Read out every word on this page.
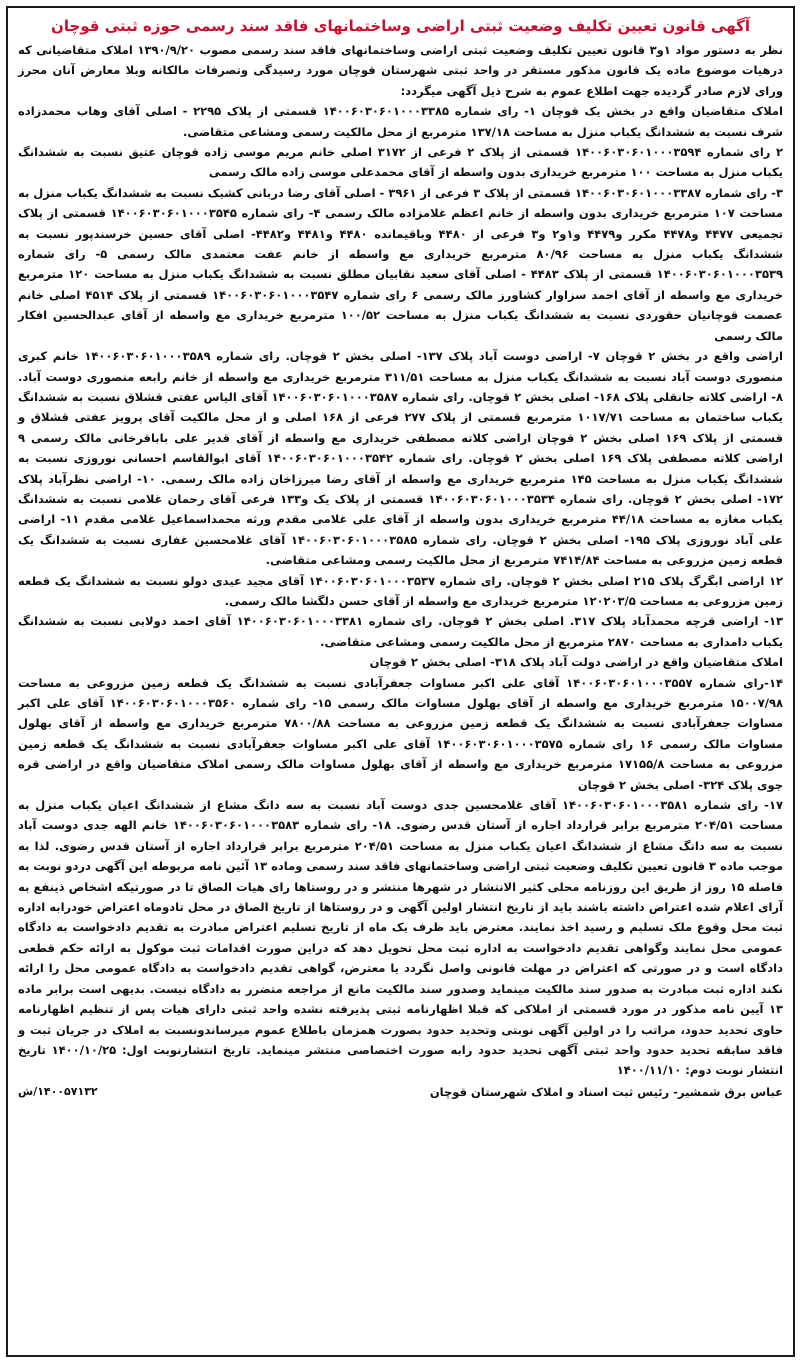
آگهی قانون تعیین تکلیف وضعیت ثبتی اراضی وساختمانهای فاقد سند رسمی حوزه ثبتی قوچان

نظر به دستور مواد ۱و۳ قانون تعیین تکلیف وضعیت ثبتی اراضی وساختمانهای فاقد سند رسمی مصوب ۱۳۹۰/۹/۲۰ املاک متقاضیانی که درهیات موضوع ماده یک قانون مذکور مستقر در واحد ثبتی شهرستان قوچان مورد رسیدگی وتصرفات مالکانه وبلا معارض آنان محرز ورای لازم صادر گردیده جهت اطلاع عموم به شرح ذیل آگهی میگردد:

املاک متقاضیان واقع در بخش یک قوچان ۱- رای شماره ۱۴۰۰۶۰۳۰۶۰۱۰۰۰۳۳۸۵ قسمتی از پلاک ۲۲۹۵ - اصلی آقای وهاب محمدزاده شرف نسبت به ششدانگ یکباب منزل به مساحت ۱۳۷/۱۸ مترمربع از محل مالکیت رسمی ومشاعی متقاضی.

۲ رای شماره ۱۴۰۰۶۰۳۰۶۰۱۰۰۰۳۵۹۴ قسمتی از پلاک ۲ فرعی از ۳۱۷۲ اصلی خانم مریم موسی زاده قوچان عتیق نسبت به ششدانگ یکباب منزل به مساحت ۱۰۰ مترمربع خریداری بدون واسطه از آقای محمدعلی موسی زاده مالک رسمی

۳- رای شماره ۱۴۰۰۶۰۳۰۶۰۱۰۰۰۳۳۸۷ قسمتی از پلاک ۳ فرعی از ۳۹۶۱ - اصلی آقای رضا دربانی کشیک نسبت به ششدانگ یکباب منزل به مساحت ۱۰۷ مترمربع خریداری بدون واسطه از خانم اعظم غلامزاده مالک رسمی ۴- رای شماره ۱۴۰۰۶۰۳۰۶۰۱۰۰۰۳۵۴۵ قسمتی از پلاک تجمیعی ۴۴۷۷ و۴۴۷۸ مکرر و۴۴۷۹ و۱و۲ و۳ فرعی از ۴۴۸۰ وباقیمانده ۴۴۸۰ و۴۴۸۱ و۴۴۸۲- اصلی آقای حسین خرسندپور نسبت به ششدانگ یکباب منزل به مساحت ۸۰/۹۶ مترمربع خریداری مع واسطه از خانم عفت معتمدی مالک رسمی ۵- رای شماره ۱۴۰۰۶۰۳۰۶۰۱۰۰۰۳۵۳۹ قسمتی از پلاک ۴۴۸۳ - اصلی آقای سعید نقابیان مطلق نسبت به ششدانگ یکباب منزل به مساحت ۱۲۰ مترمربع خریداری مع واسطه از آقای احمد سزاوار کشاورز مالک رسمی ۶ رای شماره ۱۴۰۰۶۰۳۰۶۰۱۰۰۰۳۵۴۷ قسمتی از پلاک ۴۵۱۴ اصلی خانم عصمت قوچانیان حقوردی نسبت به ششدانگ یکباب منزل به مساحت ۱۰۰/۵۲ مترمربع خریداری مع واسطه از آقای عبدالحسین افکار مالک رسمی

اراضی واقع در بخش ۲ قوچان ۷- اراضی دوست آباد پلاک ۱۳۷- اصلی بخش ۲ قوچان. رای شماره ۱۴۰۰۶۰۳۰۶۰۱۰۰۰۳۵۸۹ خانم کبری منصوری دوست آباد نسبت به ششدانگ یکباب منزل به مساحت ۳۱۱/۵۱ مترمربع خریداری مع واسطه از خانم رابعه منصوری دوست آباد. ۸- اراضی کلاته جانقلی پلاک ۱۶۸- اصلی بخش ۲ قوچان. رای شماره ۱۴۰۰۶۰۳۰۶۰۱۰۰۰۳۵۸۷ آقای الیاس عفتی قشلاق نسبت به ششدانگ یکباب ساختمان به مساحت ۱۰۱۷/۷۱ مترمربع قسمتی از پلاک ۲۷۷ فرعی از ۱۶۸ اصلی و از محل مالکیت آقای پرویز عفتی قشلاق و قسمتی از پلاک ۱۶۹ اصلی بخش ۲ قوچان اراضی کلاته مصطفی خریداری مع واسطه از آقای قدیر علی باباقرخانی مالک رسمی ۹ اراضی کلاته مصطفی پلاک ۱۶۹ اصلی بخش ۲ قوچان. رای شماره ۱۴۰۰۶۰۳۰۶۰۱۰۰۰۳۵۴۲ آقای ابوالقاسم احسانی نوروزی نسبت به ششدانگ یکباب منزل به مساحت ۱۴۵ مترمربع خریداری مع واسطه از آقای رضا میرزاخان زاده مالک رسمی. ۱۰- اراضی نظرآباد پلاک ۱۷۲- اصلی بخش ۲ قوچان. رای شماره ۱۴۰۰۶۰۳۰۶۰۱۰۰۰۳۵۳۴ قسمتی از پلاک یک و۱۳۳ فرعی آقای رحمان غلامی نسبت به ششدانگ یکباب مغازه به مساحت ۴۴/۱۸ مترمربع خریداری بدون واسطه از آقای علی غلامی مقدم ورثه محمداسماعیل غلامی مقدم ۱۱- اراضی علی آباد نوروزی پلاک ۱۹۵- اصلی بخش ۲ قوچان. رای شماره ۱۴۰۰۶۰۳۰۶۰۱۰۰۰۳۵۸۵ آقای غلامحسین غفاری نسبت به ششدانگ یک قطعه زمین مزروعی به مساحت ۷۴۱۴/۸۴ مترمربع از محل مالکیت رسمی ومشاعی متقاضی.

۱۲ اراضی ابگرگ پلاک ۲۱۵ اصلی بخش ۲ قوچان. رای شماره ۱۴۰۰۶۰۳۰۶۰۱۰۰۰۳۵۳۷ آقای مجید عیدی دولو نسبت به ششدانگ یک قطعه زمین مزروعی به مساحت ۱۲۰۲۰۳/۵ مترمربع خریداری مع واسطه از آقای حسن دلگشا مالک رسمی.

۱۳- اراضی قرچه محمدآباد پلاک ۳۱۷. اصلی بخش ۲ قوچان. رای شماره ۱۴۰۰۶۰۳۰۶۰۱۰۰۰۳۳۸۱ آقای احمد دولابی نسبت به ششدانگ یکباب دامداری به مساحت ۲۸۷۰ مترمربع از محل مالکیت رسمی ومشاعی متقاضی.

املاک متقاضیان واقع در اراضی دولت آباد پلاک ۳۱۸- اصلی بخش ۲ قوچان

۱۴-رای شماره ۱۴۰۰۶۰۳۰۶۰۱۰۰۰۳۵۵۷ آقای علی اکبر مساوات جعفرآبادی نسبت به ششدانگ یک قطعه زمین مزروعی به مساحت ۱۵۰۰۷/۹۸ مترمربع خریداری مع واسطه از آقای بهلول مساوات مالک رسمی ۱۵- رای شماره ۱۴۰۰۶۰۳۰۶۰۱۰۰۰۳۵۶۰ آقای علی اکبر مساوات جعفرآبادی نسبت به ششدانگ یک قطعه زمین مزروعی به مساحت ۷۸۰۰/۸۸ مترمربع خریداری مع واسطه از آقای بهلول مساوات مالک رسمی ۱۶ رای شماره ۱۴۰۰۶۰۳۰۶۰۱۰۰۰۳۵۷۵ آقای علی اکبر مساوات جعفرآبادی نسبت به ششدانگ یک قطعه زمین مزروعی به مساحت ۱۷۱۵۵/۸ مترمربع خریداری مع واسطه از آقای بهلول مساوات مالک رسمی املاک متقاضیان واقع در اراضی قره جوی پلاک ۳۲۴- اصلی بخش ۲ قوچان

۱۷- رای شماره ۱۴۰۰۶۰۳۰۶۰۱۰۰۰۳۵۸۱ آقای غلامحسین جدی دوست آباد نسبت به سه دانگ مشاع از ششدانگ اعیان یکباب منزل به مساحت ۲۰۴/۵۱ مترمربع برابر قرارداد اجاره از آستان قدس رضوی. ۱۸- رای شماره ۱۴۰۰۶۰۳۰۶۰۱۰۰۰۳۵۸۳ خانم الهه جدی دوست آباد نسبت به سه دانگ مشاع از ششدانگ اعیان یکباب منزل به مساحت ۲۰۴/۵۱ مترمربع برابر قرارداد اجاره از آستان قدس رضوی. لذا به موجب ماده ۳ قانون تعیین تکلیف وضعیت ثبتی اراضی وساختمانهای فاقد سند رسمی وماده ۱۳ آئین نامه مربوطه این آگهی دردو نوبت به فاصله ۱۵ روز از طریق این روزنامه محلی کثیر الانتشار در شهرها منتشر و در روستاها رای هیات الصاق تا در صورتیکه اشخاص ذینفع به آرای اعلام شده اعتراض داشته باشند باید از تاریخ انتشار اولین آگهی و در روستاها از تاریخ الصاق در محل تادوماه اعتراض خودرابه اداره ثبت محل وقوع ملک تسلیم و رسید اخذ نمایند. معترض باید ظرف یک ماه از تاریخ تسلیم اعتراض مبادرت به تقدیم دادخواست به دادگاه عمومی محل نمایند وگواهی تقدیم دادخواست به اداره ثبت محل تحویل دهد که دراین صورت اقدامات ثبت موکول به ارائه حکم قطعی دادگاه است و در صورتی که اعتراض در مهلت قانونی واصل نگردد یا معترض، گواهی تقدیم دادخواست به دادگاه عمومی محل را ارائه نکند اداره ثبت مبادرت به صدور سند مالکیت مینماید وصدور سند مالکیت مانع از مراجعه متضرر به دادگاه نیست. بدیهی است برابر ماده ۱۳ آیین نامه مذکور در مورد قسمتی از املاکی که قبلا اظهارنامه ثبتی پذیرفته نشده واحد ثبتی دارای هیات پس از تنظیم اظهارنامه حاوی تحدید حدود، مراتب را در اولین آگهی نوبتی وتحدید حدود بصورت همزمان باطلاع عموم میرساندونسبت به املاک در جریان ثبت و فاقد سابقه تحدید حدود واحد ثبتی آگهی تحدید حدود رابه صورت اختصاصی منتشر مینماید. تاریخ انتشارنوبت اول: ۱۴۰۰/۱۰/۲۵ تاریخ انتشار نوبت دوم: ۱۴۰۰/۱۱/۱۰

عباس برق شمشیر- رئیس ثبت اسناد و املاک شهرستان قوچان
۱۴۰۰۵۷۱۳۲/ش
